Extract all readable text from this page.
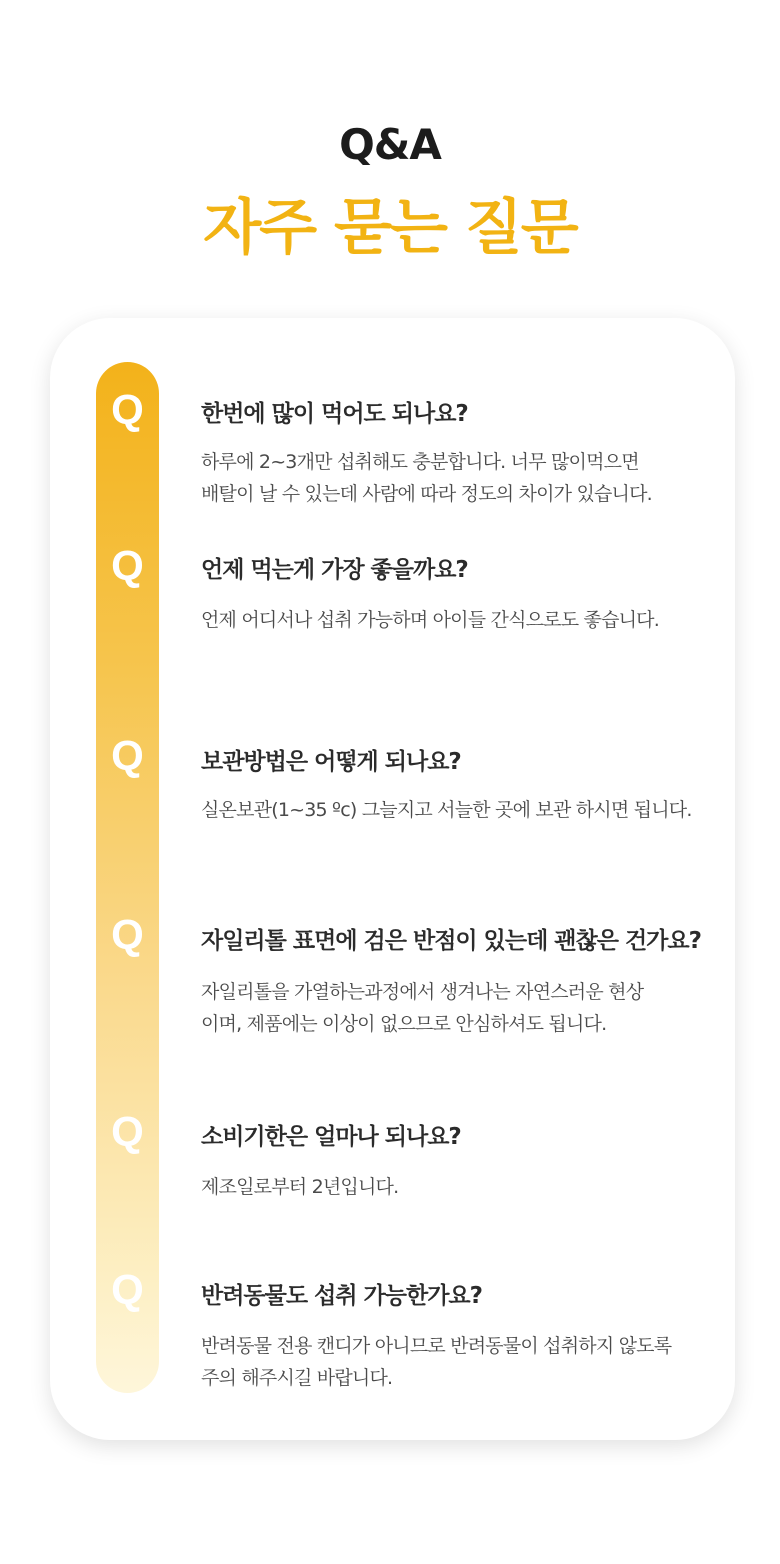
Q&A
자주 묻는 질문
Q	한번에 많이 먹어도 되나요?
하루에 2~3개만 섭취해도 충분합니다. 너무 많이먹으면
배탈이 날 수 있는데 사람에 따라 정도의 차이가 있습니다.
Q	언제 먹는게 가장 좋을까요?
언제 어디서나 섭취 가능하며 아이들 간식으로도 좋습니다.
Q	보관방법은 어떻게 되나요?
실온보관(1~35 ºc) 그늘지고 서늘한 곳에 보관 하시면 됩니다.
Q	자일리톨 표면에 검은 반점이 있는데 괜찮은 건가요?
자일리톨을 가열하는과정에서 생겨나는 자연스러운 현상
이며, 제품에는 이상이 없으므로 안심하셔도 됩니다.
Q	소비기한은 얼마나 되나요?
제조일로부터 2년입니다.
Q	반려동물도 섭취 가능한가요?
반려동물 전용 캔디가 아니므로 반려동물이 섭취하지 않도록
주의 해주시길 바랍니다.
